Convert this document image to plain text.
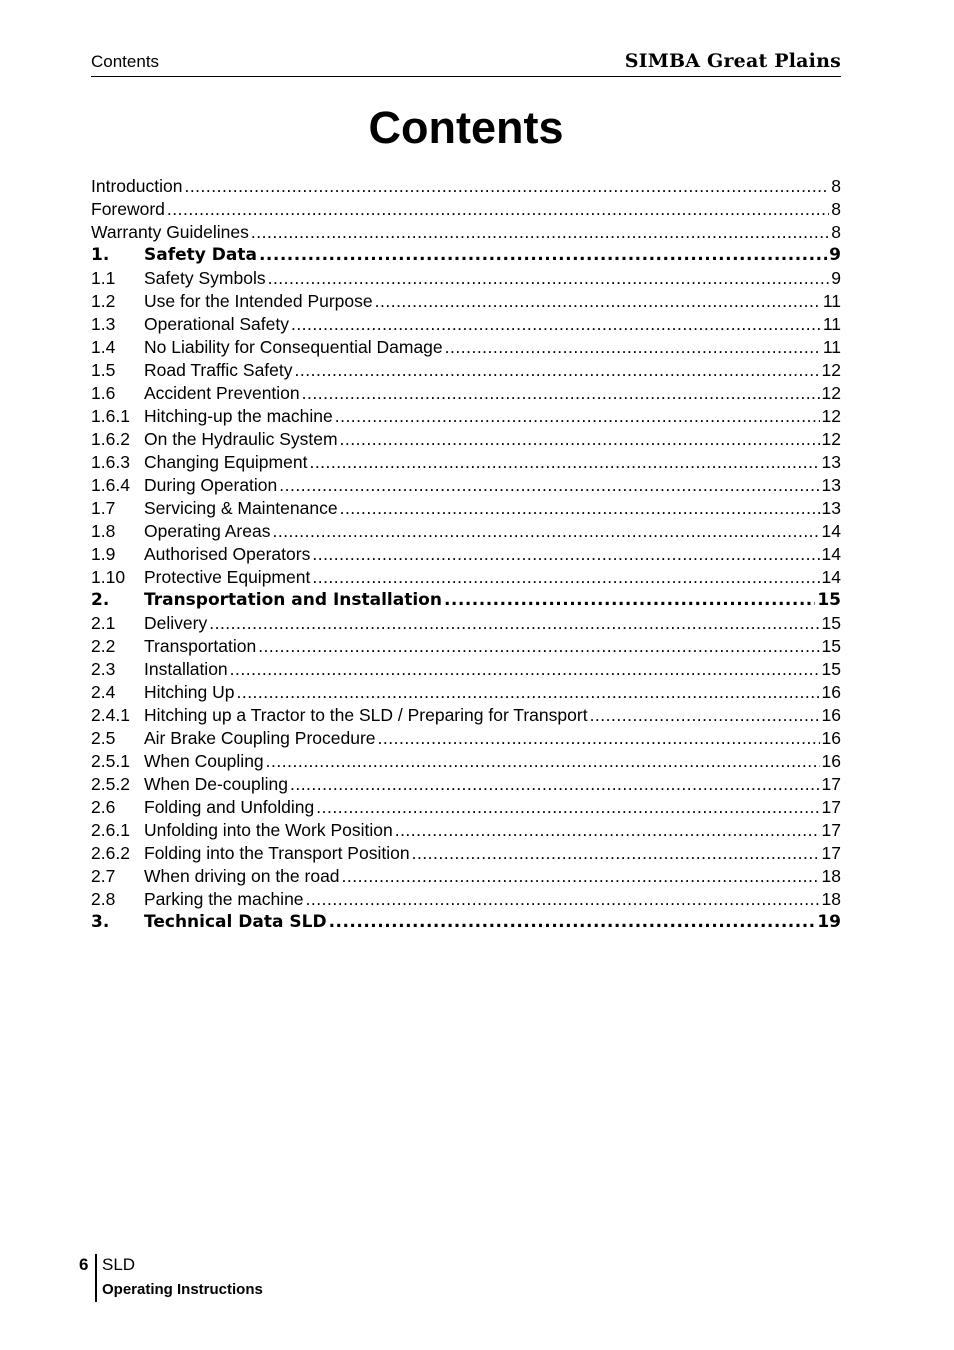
Contents	SIMBA Great Plains
Contents
Introduction .....	8
Foreword .....	8
Warranty Guidelines .....	8
1.	Safety Data .....	9
1.1	Safety Symbols .....	9
1.2	Use for the Intended Purpose .....	11
1.3	Operational Safety .....	11
1.4	No Liability for Consequential Damage .....	11
1.5	Road Traffic Safety .....	12
1.6	Accident Prevention .....	12
1.6.1 Hitching-up the machine .....	12
1.6.2 On the Hydraulic System .....	12
1.6.3 Changing Equipment .....	13
1.6.4 During Operation .....	13
1.7	Servicing & Maintenance .....	13
1.8	Operating Areas .....	14
1.9	Authorised Operators .....	14
1.10	Protective Equipment .....	14
2.	Transportation and Installation .....	15
2.1	Delivery .....	15
2.2	Transportation .....	15
2.3	Installation .....	15
2.4	Hitching Up .....	16
2.4.1 Hitching up a Tractor to the SLD / Preparing for Transport .....	16
2.5	Air Brake Coupling Procedure .....	16
2.5.1 When Coupling .....	16
2.5.2 When De-coupling .....	17
2.6	Folding and Unfolding .....	17
2.6.1 Unfolding into the Work Position .....	17
2.6.2 Folding into the Transport Position .....	17
2.7	When driving on the road .....	18
2.8	Parking the machine .....	18
3.	Technical Data SLD .....	19
6 SLD
Operating Instructions
